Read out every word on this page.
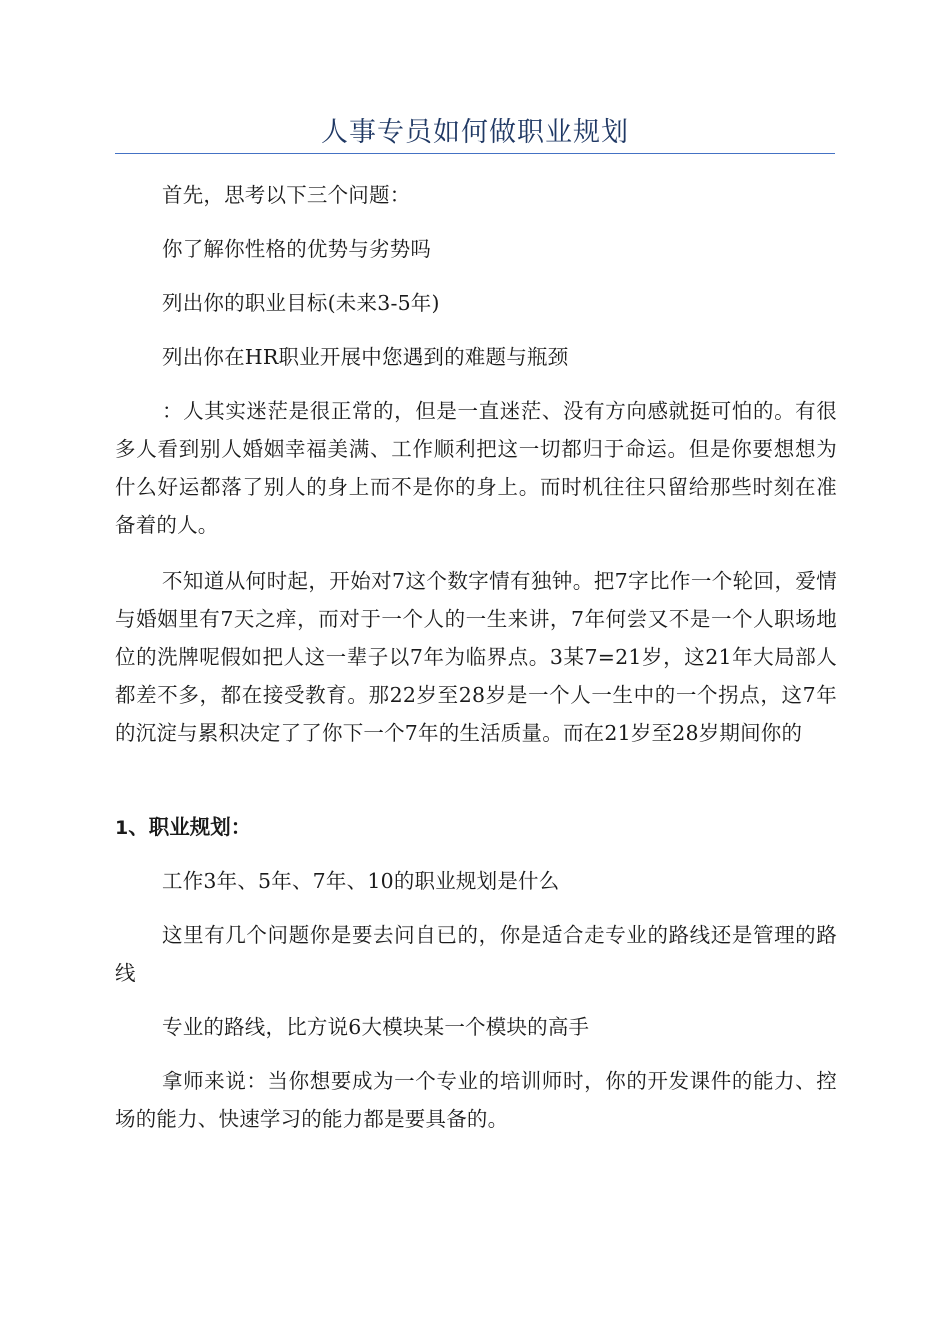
人事专员如何做职业规划

首先，思考以下三个问题：

你了解你性格的优势与劣势吗

列出你的职业目标(未来3-5年)

列出你在HR职业开展中您遇到的难题与瓶颈

：人其实迷茫是很正常的，但是一直迷茫、没有方向感就挺可怕的。有很多人看到别人婚姻幸福美满、工作顺利把这一切都归于命运。但是你要想想为什么好运都落了别人的身上而不是你的身上。而时机往往只留给那些时刻在准备着的人。

不知道从何时起，开始对7这个数字情有独钟。把7字比作一个轮回，爱情与婚姻里有7天之痒，而对于一个人的一生来讲，7年何尝又不是一个人职场地位的洗牌呢假如把人这一辈子以7年为临界点。3某7=21岁，这21年大局部人都差不多，都在接受教育。那22岁至28岁是一个人一生中的一个拐点，这7年的沉淀与累积决定了了你下一个7年的生活质量。而在21岁至28岁期间你的

1、职业规划：

工作3年、5年、7年、10的职业规划是什么

这里有几个问题你是要去问自已的，你是适合走专业的路线还是管理的路线

专业的路线，比方说6大模块某一个模块的高手

拿师来说：当你想要成为一个专业的培训师时，你的开发课件的能力、控场的能力、快速学习的能力都是要具备的。
